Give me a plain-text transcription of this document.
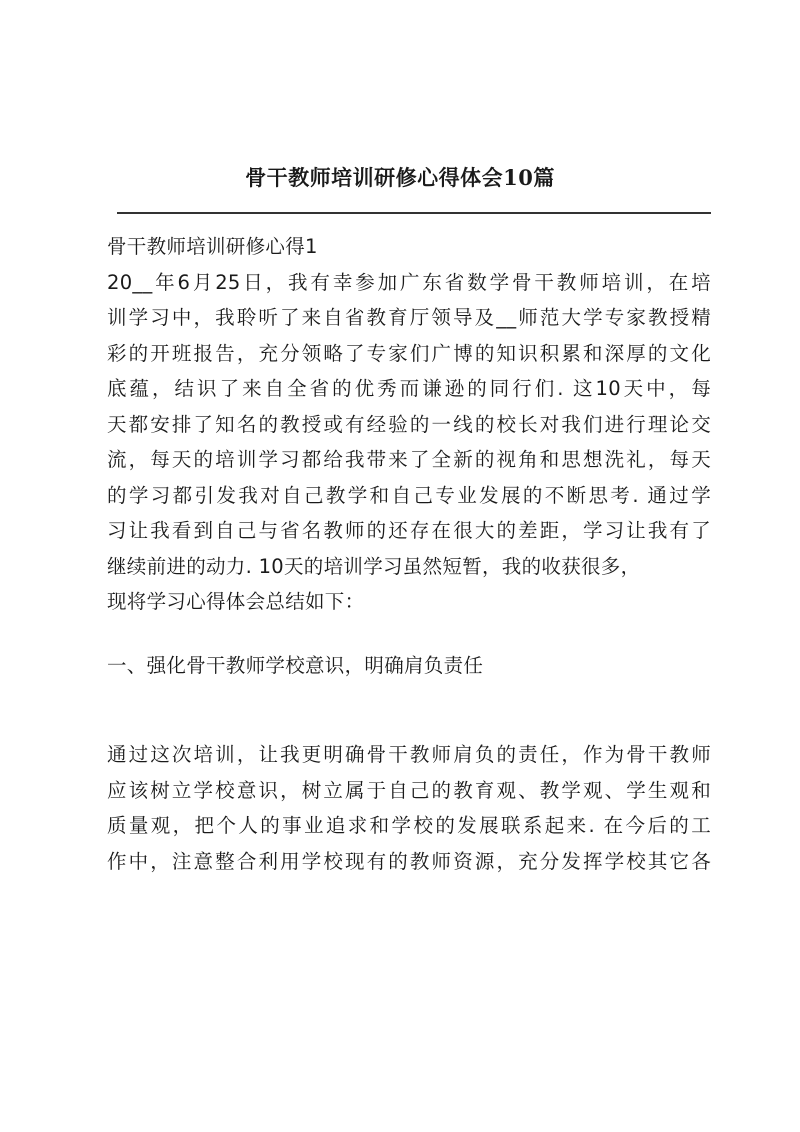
骨干教师培训研修心得体会10篇
骨干教师培训研修心得1
20__年6月25日，我有幸参加广东省数学骨干教师培训，在培
训学习中，我聆听了来自省教育厅领导及__师范大学专家教授精
彩的开班报告，充分领略了专家们广博的知识积累和深厚的文化
底蕴，结识了来自全省的优秀而谦逊的同行们. 这10天中，每
天都安排了知名的教授或有经验的一线的校长对我们进行理论交
流，每天的培训学习都给我带来了全新的视角和思想洗礼，每天
的学习都引发我对自己教学和自己专业发展的不断思考. 通过学
习让我看到自己与省名教师的还存在很大的差距，学习让我有了
继续前进的动力. 10天的培训学习虽然短暂，我的收获很多，
现将学习心得体会总结如下：
一、强化骨干教师学校意识，明确肩负责任
通过这次培训，让我更明确骨干教师肩负的责任，作为骨干教师
应该树立学校意识，树立属于自己的教育观、教学观、学生观和
质量观，把个人的事业追求和学校的发展联系起来. 在今后的工
作中，注意整合利用学校现有的教师资源，充分发挥学校其它各
